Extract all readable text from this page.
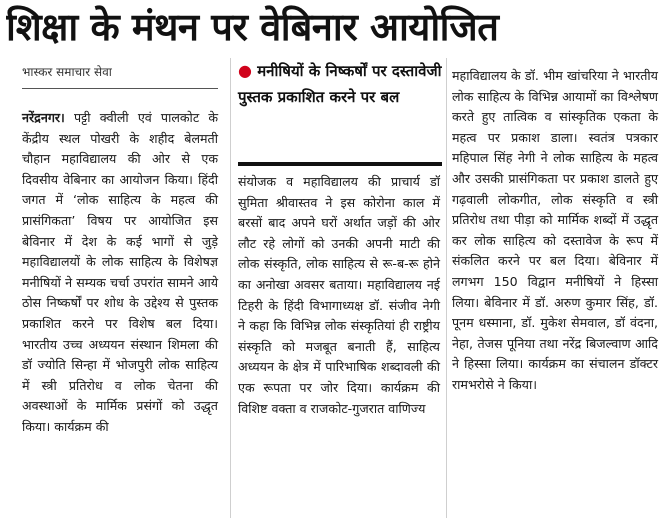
शिक्षा के मंथन पर वेबिनार आयोजित
भास्कर समाचार सेवा	● मनीषियों के निष्कर्षों पर दस्तावेजी पुस्तक प्रकाशित करने पर बल

नरेंद्रनगर। पट्टी क्वीली एवं पालकोट के केंद्रीय स्थल पोखरी के शहीद बेलमती चौहान महाविद्यालय की ओर से एक दिवसीय वेबिनार का आयोजन किया। हिंदी जगत में ‘लोक साहित्य के महत्व की प्रासंगिकता’ विषय पर आयोजित इस बेविनार में देश के कई भागों से जुड़े महाविद्यालयों के लोक साहित्य के विशेषज्ञ मनीषियों ने सम्यक चर्चा उपरांत सामने आये ठोस निष्कर्षों पर शोध के उद्देश्य से पुस्तक प्रकाशित करने पर विशेष बल दिया। भारतीय उच्च अध्ययन संस्थान शिमला की डॉ ज्योति सिन्हा में भोजपुरी लोक साहित्य में स्त्री प्रतिरोध व लोक चेतना की अवस्थाओं के मार्मिक प्रसंगों को उद्धृत किया। कार्यक्रम की

संयोजक व महाविद्यालय की प्राचार्य डॉ सुमिता श्रीवास्तव ने इस कोरोना काल में बरसों बाद अपने घरों अर्थात जड़ों की ओर लौट रहे लोगों को उनकी अपनी माटी की लोक संस्कृति, लोक साहित्य से रू-ब-रू होने का अनोखा अवसर बताया। महाविद्यालय नई टिहरी के हिंदी विभागाध्यक्ष डॉ. संजीव नेगी ने कहा कि विभिन्न लोक संस्कृतियां ही राष्ट्रीय संस्कृति को मजबूत बनाती हैं, साहित्य अध्ययन के क्षेत्र में पारिभाषिक शब्दावली की एक रूपता पर जोर दिया। कार्यक्रम की विशिष्ट वक्ता व राजकोट-गुजरात वाणिज्य

महाविद्यालय के डॉ. भीम खांचरिया ने भारतीय लोक साहित्य के विभिन्न आयामों का विश्लेषण करते हुए तात्विक व सांस्कृतिक एकता के महत्व पर प्रकाश डाला। स्वतंत्र पत्रकार महिपाल सिंह नेगी ने लोक साहित्य के महत्व और उसकी प्रासंगिकता पर प्रकाश डालते हुए गढ़वाली लोकगीत, लोक संस्कृति व स्त्री प्रतिरोध तथा पीड़ा को मार्मिक शब्दों में उद्धृत कर लोक साहित्य को दस्तावेज के रूप में संकलित करने पर बल दिया। बेविनार में लगभग 150 विद्वान मनीषियों ने हिस्सा लिया। बेविनार में डॉ. अरुण कुमार सिंह, डॉ. पूनम धस्माना, डॉ. मुकेश सेमवाल, डॉ वंदना, नेहा, तेजस पूनिया तथा नरेंद्र बिजल्वाण आदि ने हिस्सा लिया। कार्यक्रम का संचालन डॉक्टर रामभरोसे ने किया।
